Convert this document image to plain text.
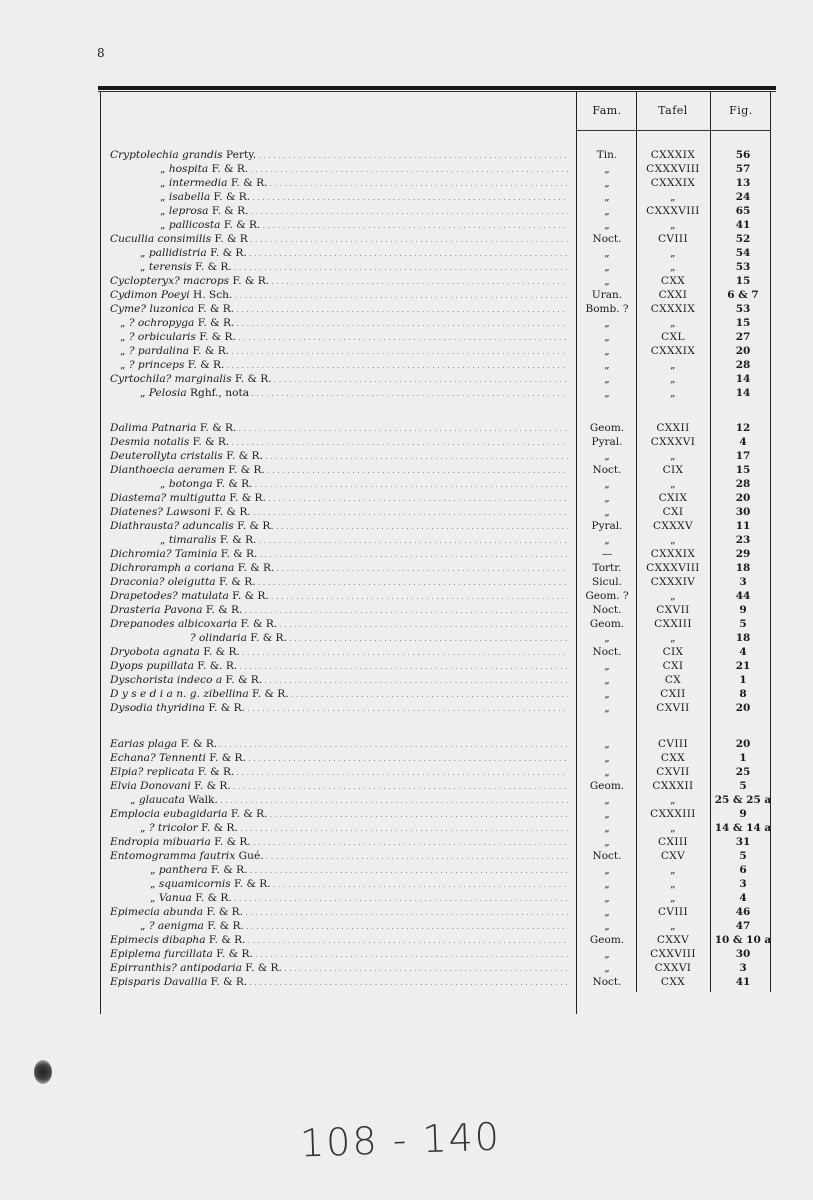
8
Fam.	Tafel	Fig.
Cryptolechia grandis Perty. . . .	Tin.	CXXXIX	56
„ hospita F. & R. . . .	„	CXXXVIII	57
„ intermedia F. & R. . . .	„	CXXXIX	13
„ isabella F. & R. . . .	„	„	24
„ leprosa F. & R. . . .	„	CXXXVIII	65
„ pallicosta F. & R. . . .	„	„	41
Cucullia consimilis F. & R . . .	Noct.	CVIII	52
„ pallidistria F. & R. . . .	„	„	54
„ terensis F. & R. . . .	„	„	53
Cyclopteryx? macrops F. & R. . . .	„	CXX	15
Cydimon Poeyi H. Sch. . . .	Uran.	CXXI	6 & 7
Cyme? luzonica F. & R. . . .	Bomb. ?	CXXXIX	53
„ ? ochropyga F. & R. . . .	„	„	15
„ ? orbicularis F. & R. . . .	„	CXL	27
„ ? pardalina F. & R. . . .	„	CXXXIX	20
„ ? princeps F. & R. . . .	„	„	28
Cyrtochila? marginalis F. & R. . . .	„	„	14
„ Pelosia Rghf., nota . . .	„	„	14
Dalima Patnaria F. & R. . . .	Geom.	CXXII	12
Desmia notalis F. & R. . . .	Pyral.	CXXXVI	4
Deuterollyta cristalis F. & R. . . .	„	„	17
Dianthoecia aeramen F. & R. . . .	Noct.	CIX	15
„ botonga F. & R. . . .	„	„	28
Diastema? multigutta F. & R. . . .	„	CXIX	20
Diatenes? Lawsoni F. & R. . . .	„	CXI	30
Diathrausta? aduncalis F. & R. . . .	Pyral.	CXXXV	11
„ timaralis F. & R. . . .	„	„	23
Dichromia? Taminia F. & R. . . .	—	CXXXIX	29
Dichroramph a coriana F. & R. . . .	Tortr.	CXXXVIII	18
Draconia? oleigutta F. & R. . . .	Sicul.	CXXXIV	3
Drapetodes? matulata F. & R. . . .	Geom. ?	„	44
Drasteria Pavona F. & R. . . .	Noct.	CXVII	9
Drepanodes albicoxaria F. & R. . . .	Geom.	CXXIII	5
? olindaria F. & R. . . .	„	„	18
Dryobota agnata F. & R. . . .	Noct.	CIX	4
Dyops pupillata F. &. R. . . .	„	CXI	21
Dyschorista indeco a F. & R. . . .	„	CX	1
D y s e d i a n. g. zibellina F. & R. . . .	„	CXII	8
Dysodia thyridina F. & R. . . .	„	CXVII	20
Earias plaga F. & R. . . .	„	CVIII	20
Echana? Tennenti F. & R. . . .	„	CXX	1
Elpia? replicata F. & R. . . .	„	CXVII	25
Elvia Donovani F. & R. . . .	Geom.	CXXXII	5
„ glaucata Walk. . . .	„	„	25 & 25 a
Emplocia eubagidaria F. & R. . . .	„	CXXXIII	9
„ ? tricolor F. & R. . . .	„	„	14 & 14 a
Endropia mibuaria F. & R. . . .	„	CXIII	31
Entomogramma fautrix Gué. . . .	Noct.	CXV	5
„ panthera F. & R. . . .	„	„	6
„ squamicornis F. & R. . . .	„	„	3
„ Vanua F. & R. . . .	„	„	4
Epimecia abunda F. & R. . . .	„	CVIII	46
„ ? aenigma F. & R. . . .	„	„	47
Epimecis dibapha F. & R. . . .	Geom.	CXXV	10 & 10 a
Epiplema furcillata F. & R. . . .	„	CXXVIII	30
Epirranthis? antipodaria F. & R. . . .	„	CXXVI	3
Episparis Davallia F. & R. . . .	Noct.	CXX	41
108 - 140
